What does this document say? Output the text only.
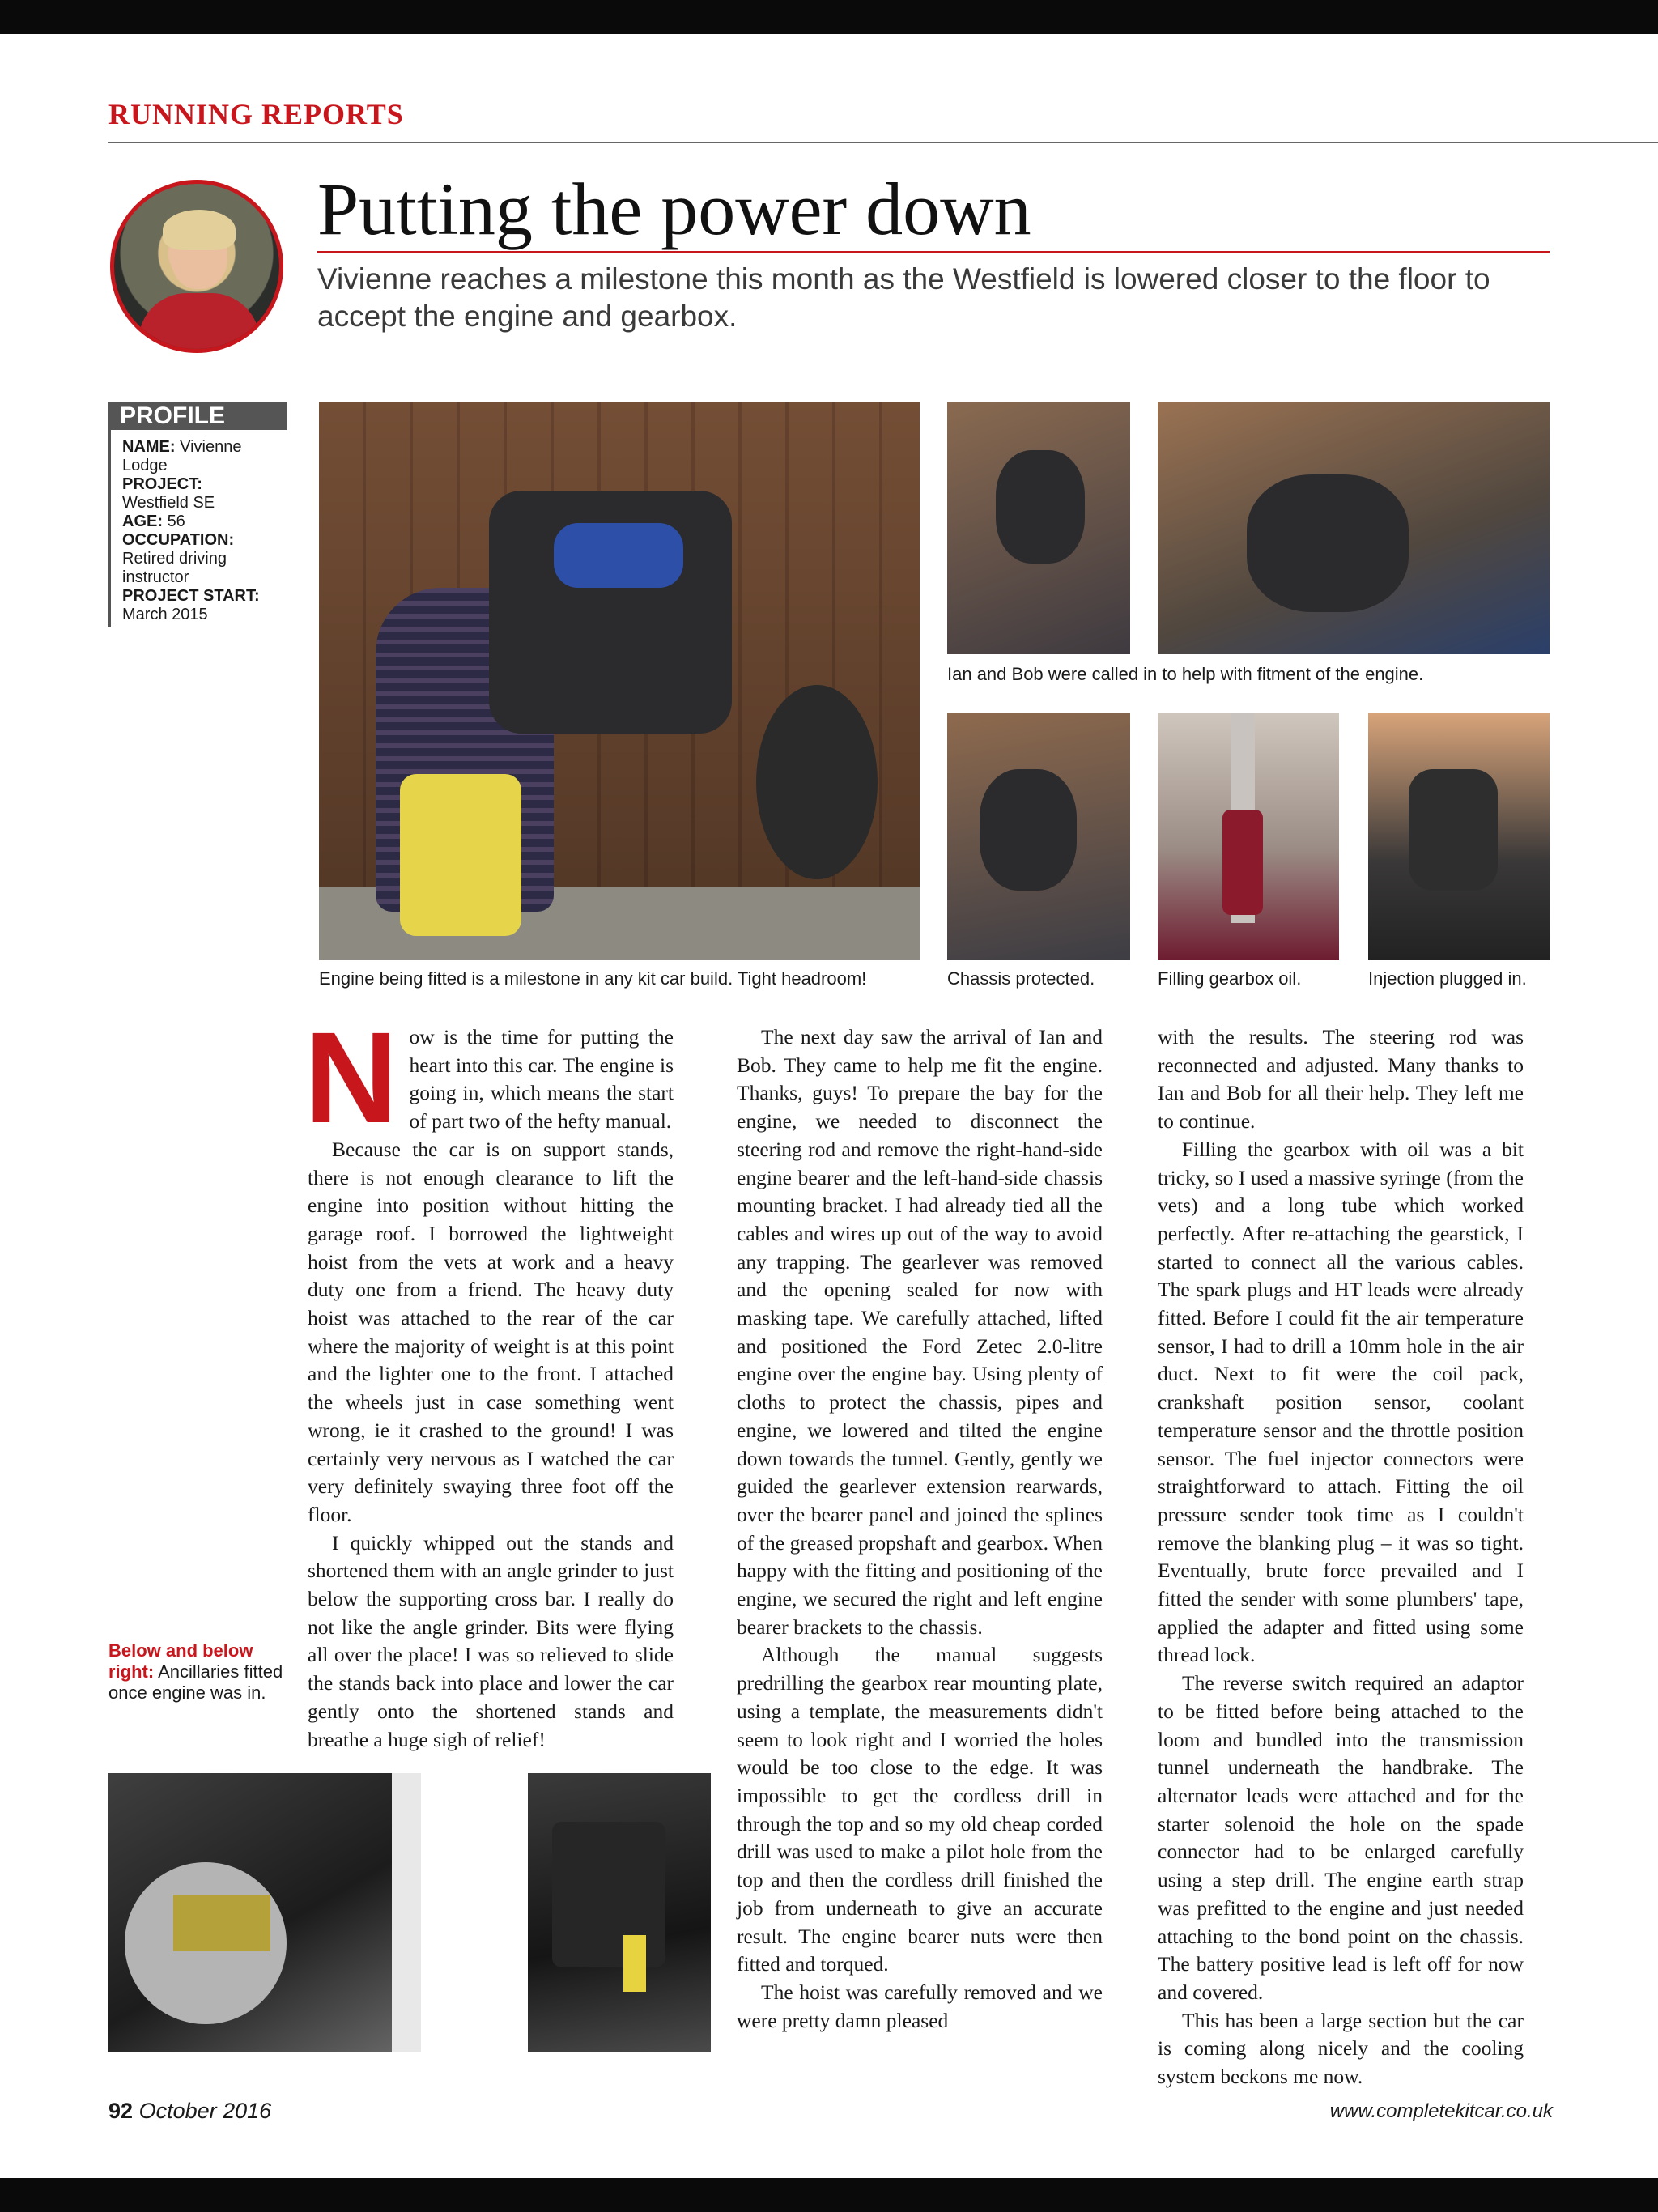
RUNNING REPORTS
Putting the power down
Vivienne reaches a milestone this month as the Westfield is lowered closer to the floor to accept the engine and gearbox.
PROFILE
NAME: Vivienne Lodge
PROJECT:
Westfield SE
AGE: 56
OCCUPATION: Retired driving instructor
PROJECT START:
March 2015
Engine being fitted is a milestone in any kit car build. Tight headroom!
Ian and Bob were called in to help with fitment of the engine.
Chassis protected.	Filling gearbox oil.	Injection plugged in.
N ow is the time for putting the heart into this car. The engine is going in, which means the start of part two of the hefty manual.

Because the car is on support stands, there is not enough clearance to lift the engine into position without hitting the garage roof. I borrowed the lightweight hoist from the vets at work and a heavy duty one from a friend. The heavy duty hoist was attached to the rear of the car where the majority of weight is at this point and the lighter one to the front. I attached the wheels just in case something went wrong, ie it crashed to the ground! I was certainly very nervous as I watched the car very definitely swaying three foot off the floor.

I quickly whipped out the stands and shortened them with an angle grinder to just below the supporting cross bar. I really do not like the angle grinder. Bits were flying all over the place! I was so relieved to slide the stands back into place and lower the car gently onto the shortened stands and breathe a huge sigh of relief!

The next day saw the arrival of Ian and Bob. They came to help me fit the engine. Thanks, guys! To prepare the bay for the engine, we needed to disconnect the steering rod and remove the right-hand-side engine bearer and the left-hand-side chassis mounting bracket. I had already tied all the cables and wires up out of the way to avoid any trapping. The gearlever was removed and the opening sealed for now with masking tape. We carefully attached, lifted and positioned the Ford Zetec 2.0-litre engine over the engine bay. Using plenty of cloths to protect the chassis, pipes and engine, we lowered and tilted the engine down towards the tunnel. Gently, gently we guided the gearlever extension rearwards, over the bearer panel and joined the splines of the greased propshaft and gearbox. When happy with the fitting and positioning of the engine, we secured the right and left engine bearer brackets to the chassis.

Although the manual suggests predrilling the gearbox rear mounting plate, using a template, the measurements didn't seem to look right and I worried the holes would be too close to the edge. It was impossible to get the cordless drill in through the top and so my old cheap corded drill was used to make a pilot hole from the top and then the cordless drill finished the job from underneath to give an accurate result. The engine bearer nuts were then fitted and torqued.

The hoist was carefully removed and we were pretty damn pleased

with the results. The steering rod was reconnected and adjusted. Many thanks to Ian and Bob for all their help. They left me to continue.

Filling the gearbox with oil was a bit tricky, so I used a massive syringe (from the vets) and a long tube which worked perfectly. After re-attaching the gearstick, I started to connect all the various cables. The spark plugs and HT leads were already fitted. Before I could fit the air temperature sensor, I had to drill a 10mm hole in the air duct. Next to fit were the coil pack, crankshaft position sensor, coolant temperature sensor and the throttle position sensor. The fuel injector connectors were straightforward to attach. Fitting the oil pressure sender took time as I couldn't remove the blanking plug – it was so tight. Eventually, brute force prevailed and I fitted the sender with some plumbers' tape, applied the adapter and fitted using some thread lock.

The reverse switch required an adaptor to be fitted before being attached to the loom and bundled into the transmission tunnel underneath the handbrake. The alternator leads were attached and for the starter solenoid the hole on the spade connector had to be enlarged carefully using a step drill. The engine earth strap was prefitted to the engine and just needed attaching to the bond point on the chassis. The battery positive lead is left off for now and covered.

This has been a large section but the car is coming along nicely and the cooling system beckons me now.

Below and below right: Ancillaries fitted once engine was in.
92 October 2016	www.completekitcar.co.uk
